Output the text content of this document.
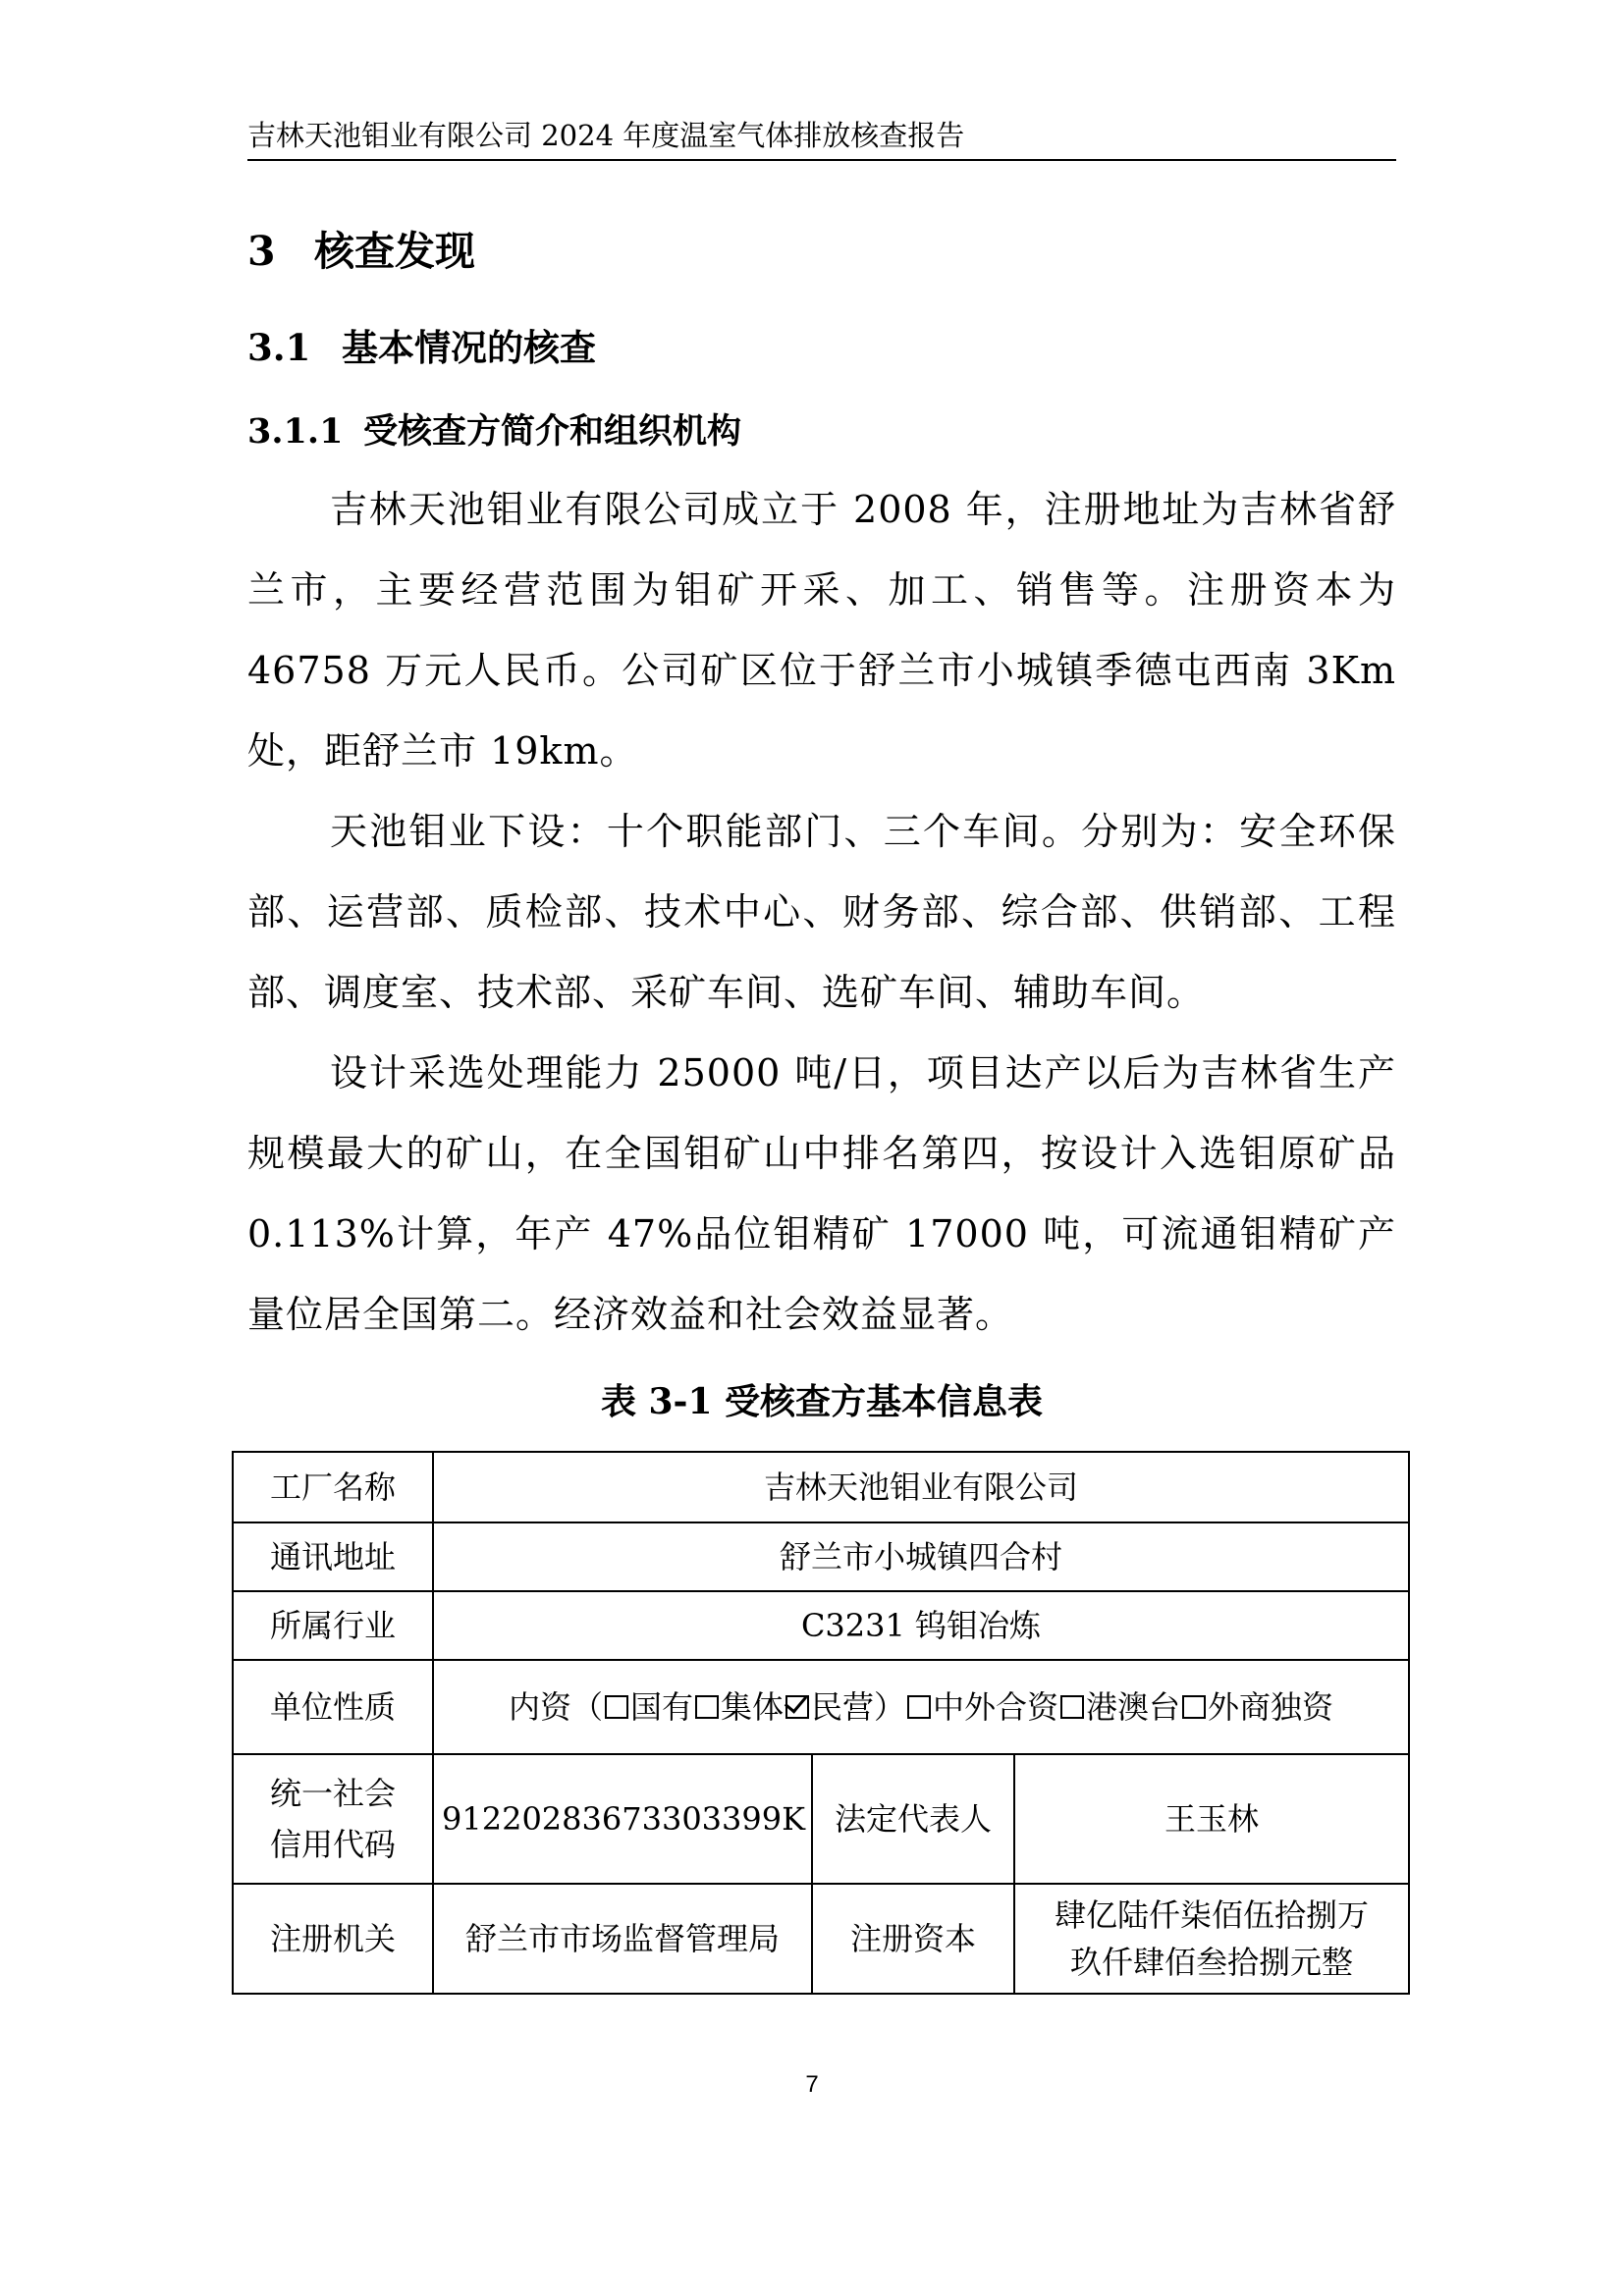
吉林天池钼业有限公司 2024 年度温室气体排放核查报告
3 核查发现
3.1 基本情况的核查
3.1.1 受核查方简介和组织机构
吉林天池钼业有限公司成立于 2008 年，注册地址为吉林省舒兰市，主要经营范围为钼矿开采、加工、销售等。注册资本为 46758 万元人民币。公司矿区位于舒兰市小城镇季德屯西南 3Km 处，距舒兰市 19km。
天池钼业下设：十个职能部门、三个车间。分别为：安全环保部、运营部、质检部、技术中心、财务部、综合部、供销部、工程部、调度室、技术部、采矿车间、选矿车间、辅助车间。
设计采选处理能力 25000 吨/日，项目达产以后为吉林省生产规模最大的矿山，在全国钼矿山中排名第四，按设计入选钼原矿品 0.113%计算，年产 47%品位钼精矿 17000 吨，可流通钼精矿产量位居全国第二。经济效益和社会效益显著。
表 3-1 受核查方基本信息表
工厂名称	吉林天池钼业有限公司		
通讯地址	舒兰市小城镇四合村		
所属行业	C3231 钨钼冶炼		
单位性质	内资（ 国有 集体 民营） 中外合资 港澳台 外商独资		

统一社会
信用代码	91220283673303399K	法定代表人	王玉林
注册机关	舒兰市市场监督管理局	注册资本	肆亿陆仟柒佰伍拾捌万
玖仟肆佰叁拾捌元整
7
